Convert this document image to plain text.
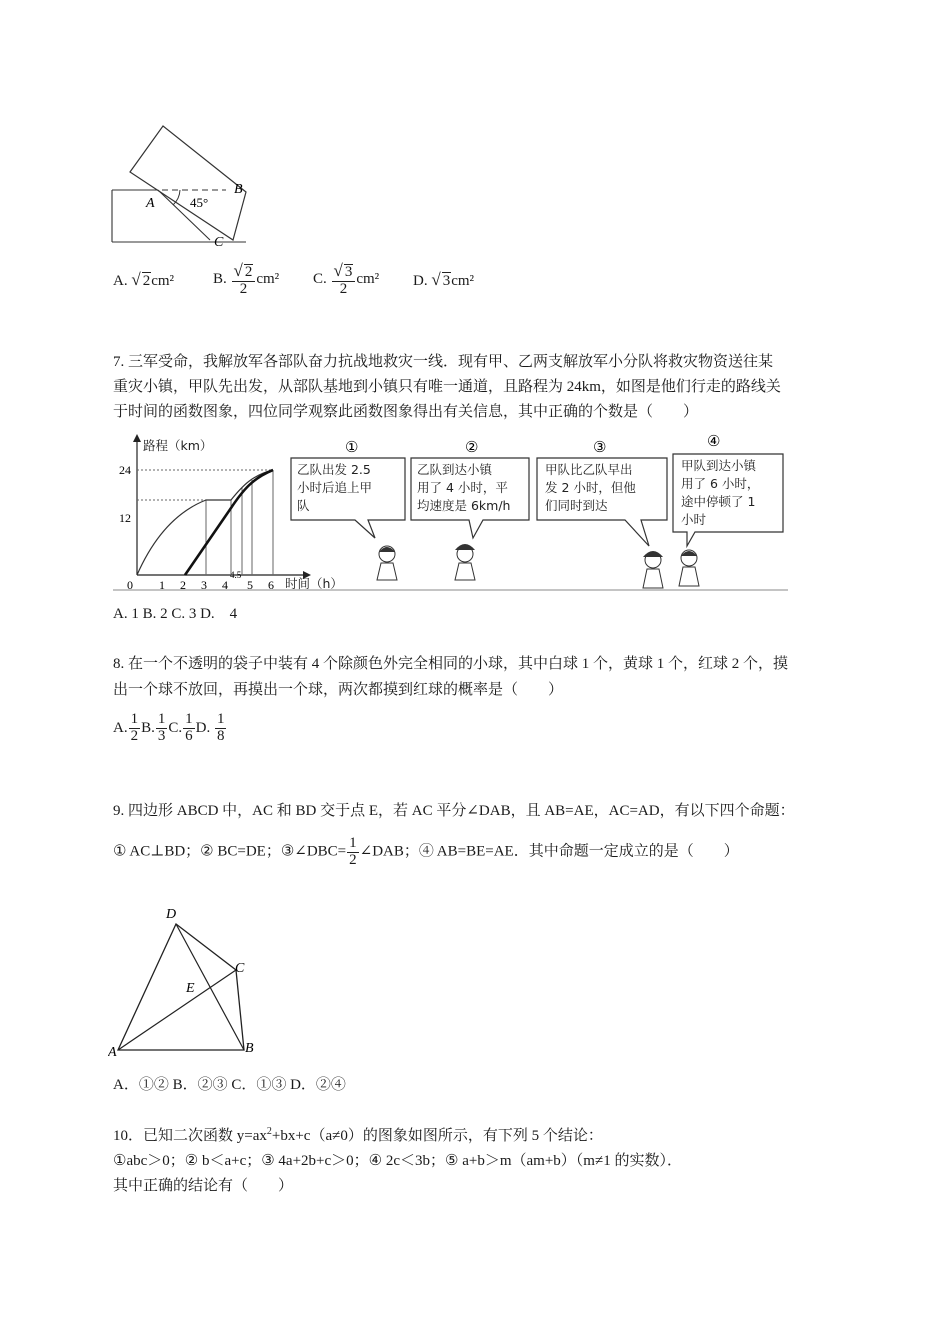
A
B
C
45°
A. √ 2cm²	B. $\frac{√ 2}{2} cm^2$ C. $\frac{√ 3}{2} cm^2$ D. √ 3cm²
7. 三军受命，我解放军各部队奋力抗战地救灾一线．现有甲、乙两支解放军小分队将救灾物资送往某
重灾小镇，甲队先出发，从部队基地到小镇只有唯一通道，且路程为 24km，如图是他们行走的路线关
于时间的函数图象，四位同学观察此函数图象得出有关信息，其中正确的个数是（　　）
路程（km）
时间（h）
24
12
0 1 2 3 4
4.5
5 6
①
乙队出发 2.5
小时后追上甲
队
②
乙队到达小镇
用了 4 小时，平
均速度是 6km/h
③
甲队比乙队早出
发 2 小时，但他
们同时到达
④
甲队到达小镇
用了 6 小时，
途中停顿了 1
小时
A. 1 B. 2 C. 3 D.　4
8. 在一个不透明的袋子中装有 4 个除颜色外完全相同的小球，其中白球 1 个，黄球 1 个，红球 2 个，摸
出一个球不放回，再摸出一个球，两次都摸到红球的概率是（　　）
A. $\frac{1}{2} B$. $\frac{1}{3} C$. $\frac{1}{6} D$. $\frac{1}{8}$
9. 四边形 ABCD 中，AC 和 BD 交于点 E，若 AC 平分∠DAB，且 AB=AE，AC=AD，有以下四个命题：
① AC⊥BD；② BC=DE；③∠DBC= $\frac{1}{2}$ ∠DAB；④ AB=BE=AE．其中命题一定成立的是（　　）
A	B
C
D
E
A．①② B．②③ C．①③ D．②④
10．已知二次函数 $y=ax^2+bx+c(a\ne 0)$的图象如图所示，有下列 5 个结论：
①abc＞0；② b＜a+c；③ 4a+2b+c＞0；④ 2c＜3b；⑤ a+b＞m（am+b）（m≠1 的实数）．
其中正确的结论有（　　）
